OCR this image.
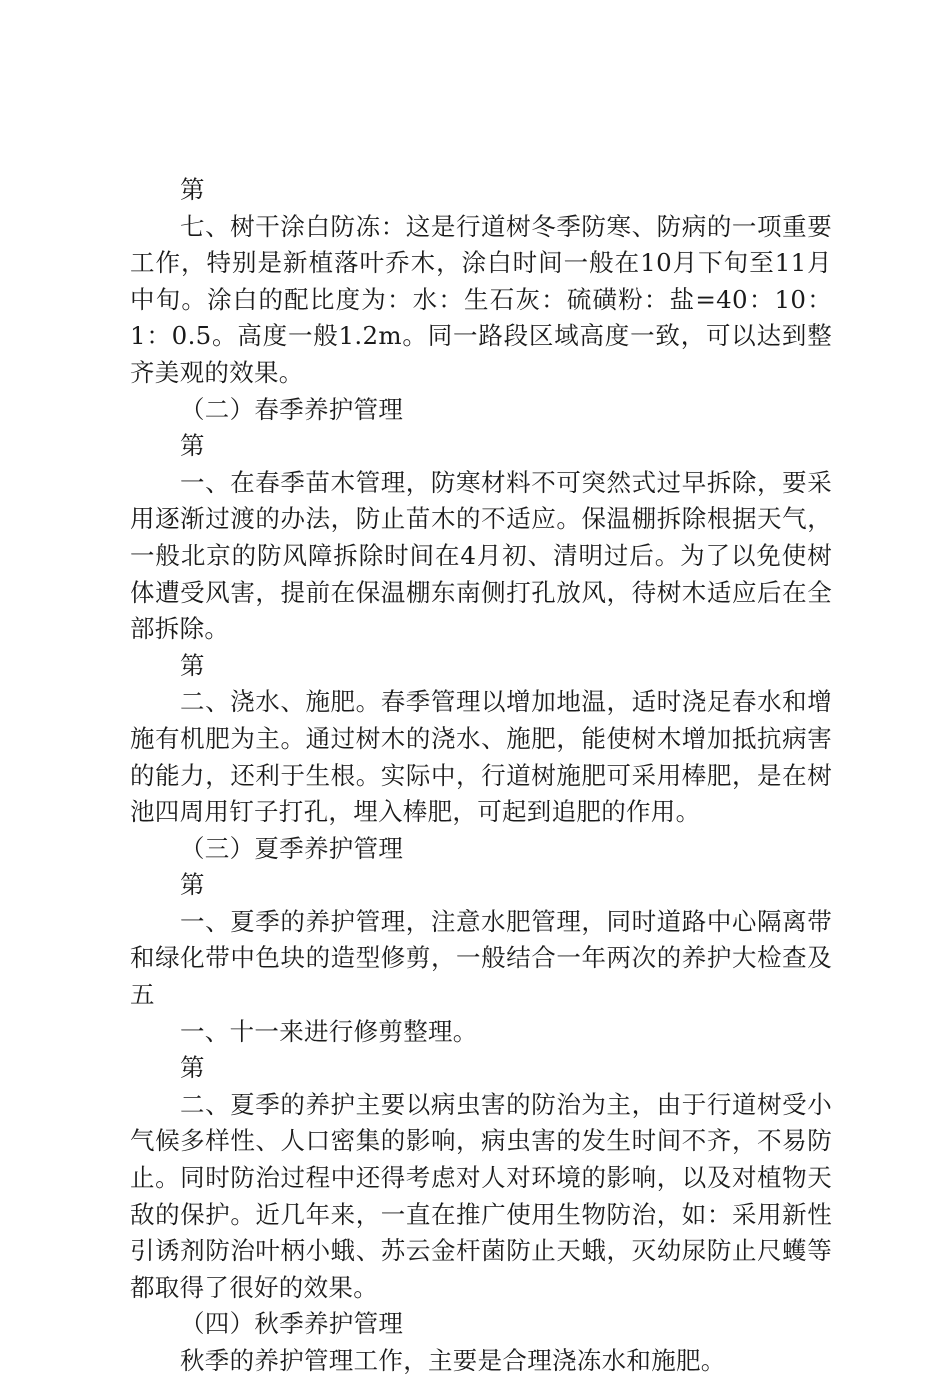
第

七、树干涂白防冻：这是行道树冬季防寒、防病的一项重要工作，特别是新植落叶乔木，涂白时间一般在10月下旬至11月中旬。涂白的配比度为：水：生石灰：硫磺粉：盐=40：10：1：0.5。高度一般1.2m。同一路段区域高度一致，可以达到整齐美观的效果。

（二）春季养护管理

第

一、在春季苗木管理，防寒材料不可突然式过早拆除，要采用逐渐过渡的办法，防止苗木的不适应。保温棚拆除根据天气，一般北京的防风障拆除时间在4月初、清明过后。为了以免使树体遭受风害，提前在保温棚东南侧打孔放风，待树木适应后在全部拆除。

第

二、浇水、施肥。春季管理以增加地温，适时浇足春水和增施有机肥为主。通过树木的浇水、施肥，能使树木增加抵抗病害的能力，还利于生根。实际中，行道树施肥可采用棒肥，是在树池四周用钉子打孔，埋入棒肥，可起到追肥的作用。

（三）夏季养护管理

第

一、夏季的养护管理，注意水肥管理，同时道路中心隔离带和绿化带中色块的造型修剪，一般结合一年两次的养护大检查及五

一、十一来进行修剪整理。

第

二、夏季的养护主要以病虫害的防治为主，由于行道树受小气候多样性、人口密集的影响，病虫害的发生时间不齐，不易防止。同时防治过程中还得考虑对人对环境的影响，以及对植物天敌的保护。近几年来，一直在推广使用生物防治，如：采用新性引诱剂防治叶柄小蛾、苏云金杆菌防止天蛾，灭幼尿防止尺蠖等都取得了很好的效果。

（四）秋季养护管理

秋季的养护管理工作，主要是合理浇冻水和施肥。
